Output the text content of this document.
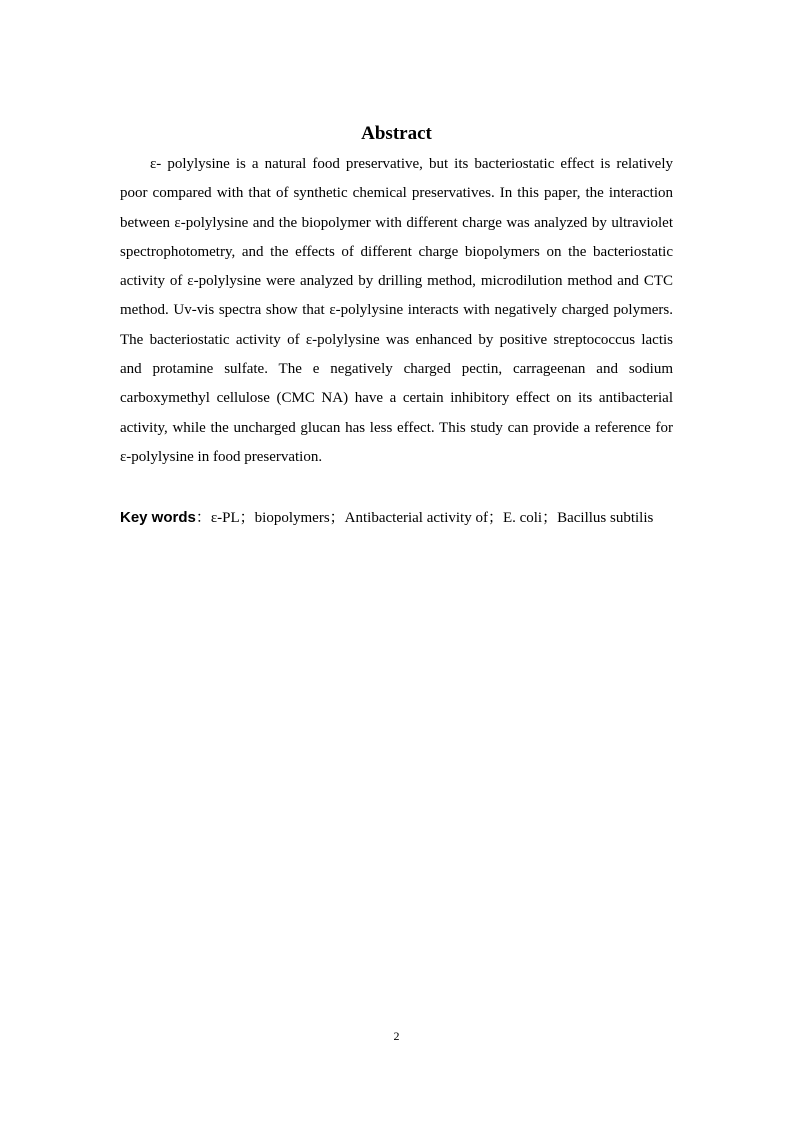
Abstract

ε- polylysine is a natural food preservative, but its bacteriostatic effect is relatively poor compared with that of synthetic chemical preservatives. In this paper, the interaction between ε-polylysine and the biopolymer with different charge was analyzed by ultraviolet spectrophotometry, and the effects of different charge biopolymers on the bacteriostatic activity of ε-polylysine were analyzed by drilling method, microdilution method and CTC method. Uv-vis spectra show that ε-polylysine interacts with negatively charged polymers. The bacteriostatic activity of ε-polylysine was enhanced by positive streptococcus lactis and protamine sulfate. The e negatively charged pectin, carrageenan and sodium carboxymethyl cellulose (CMC NA) have a certain inhibitory effect on its antibacterial activity, while the uncharged glucan has less effect. This study can provide a reference for ε-polylysine in food preservation.

Key words：ε-PL；biopolymers；Antibacterial activity of；E. coli；Bacillus subtilis

2
